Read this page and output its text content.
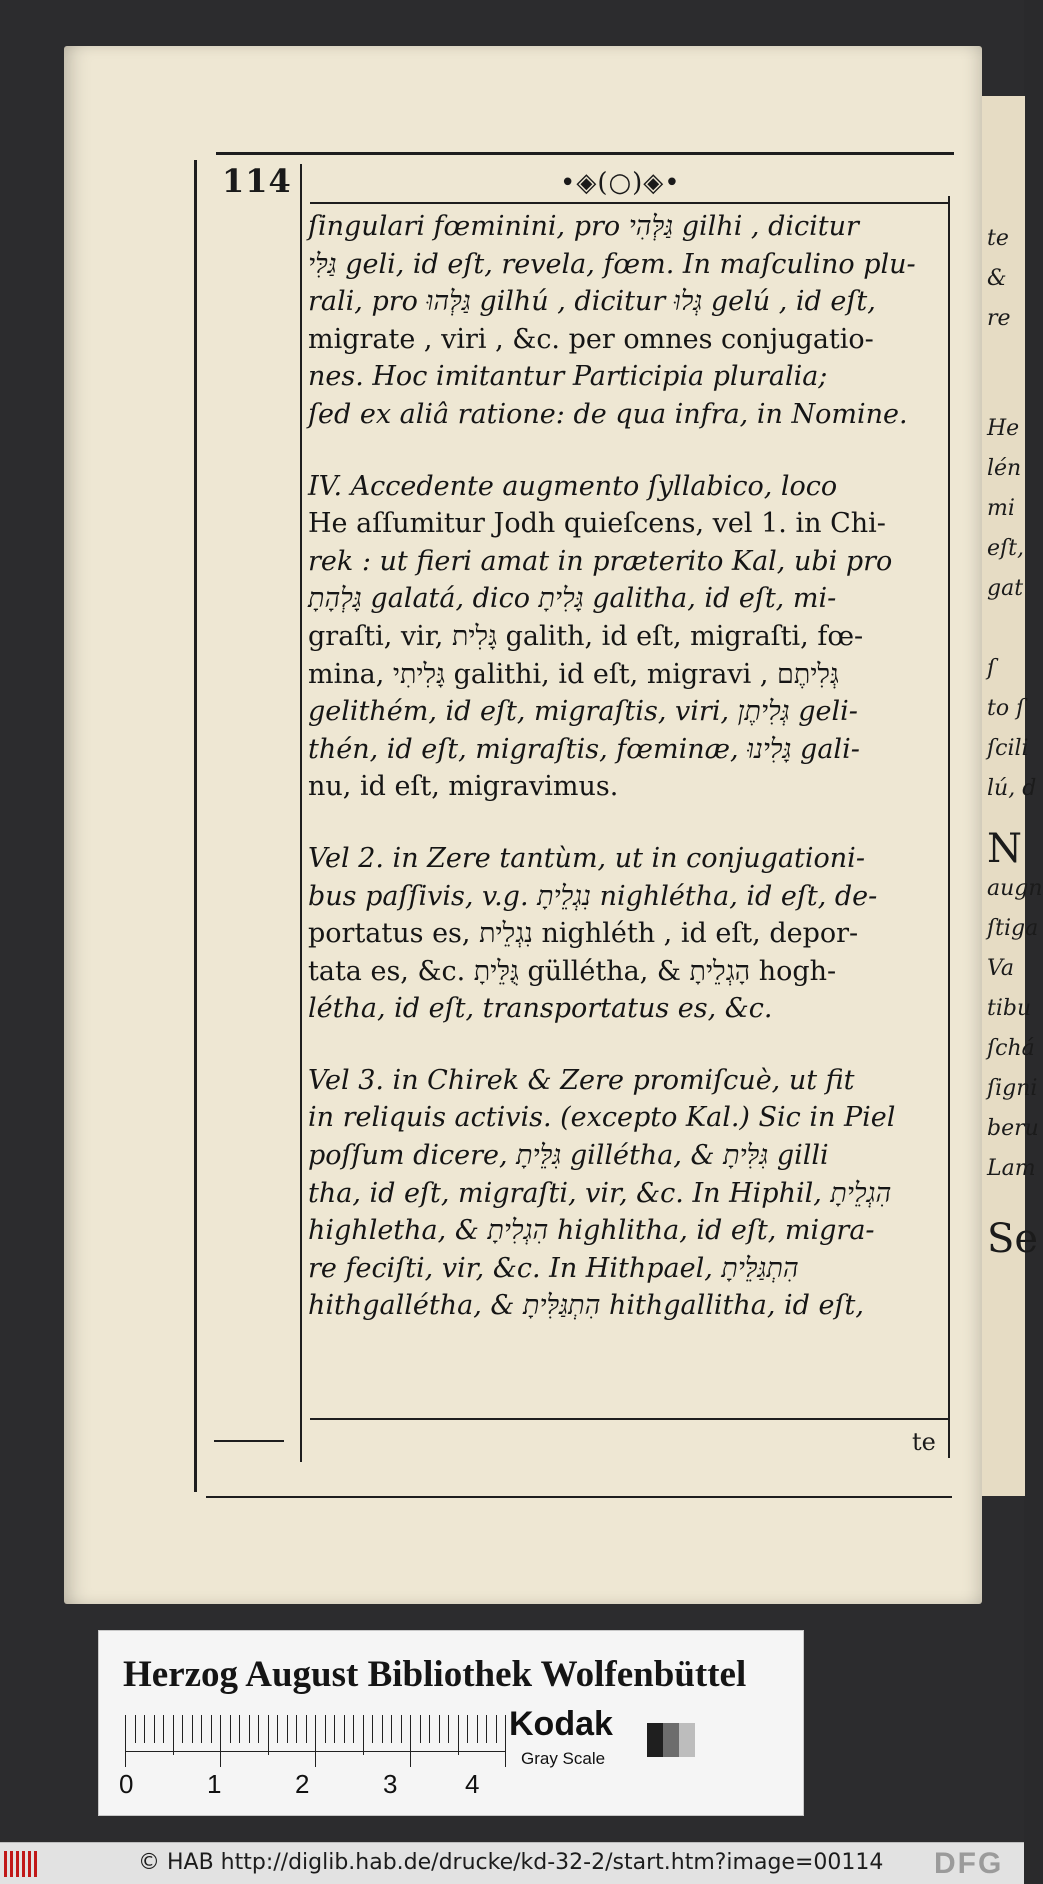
te
&
re
He
lén
mi
eſt,
gat
ſ
to ſ
ſcili
lú, d
N
augn
ſtiga
Va
tibu
ſchá
ſigni
beru
Lam
Se
114	•◈(○)◈•
ſingulari fœminini, pro גַּלְּהִי gilhi , dicitur
גַּלִּי geli, id eſt, revela, fœm. In maſculino plu-
rali, pro גַּלְּהוּ gilhú , dicitur גְּלוּ gelú , id eſt,
migrate , viri , &c. per omnes conjugatio-
nes. Hoc imitantur Participia pluralia;
ſed ex aliâ ratione: de qua infra, in Nomine.
IV. Accedente augmento ſyllabico, loco
He aſſumitur Jodh quieſcens, vel 1. in Chi-
rek : ut fieri amat in præterito Kal, ubi pro
גָּלְהָתָ galatá, dico גָּלִיתָ galitha, id eſt, mi-
graſti, vir, גָּלִית galith, id eſt, migraſti, fœ-
mina, גָּלִיתִי galithi, id eſt, migravi , גְּלִיתֶם
gelithém, id eſt, migraſtis, viri, גְּלִיתֶן geli-
thén, id eſt, migraſtis, fœminæ, גָּלִינוּ gali-
nu, id eſt, migravimus.
Vel 2. in Zere tantùm, ut in conjugationi-
bus paſſivis, v.g. נִגְלֵיתָ nighlétha, id eſt, de-
portatus es, נִגְלֵית nighléth , id eſt, depor-
tata es, &c. גֻּלֵּיתָ güllétha, & הָגְלֵיתָ hogh-
létha, id eſt, transportatus es, &c.
Vel 3. in Chirek & Zere promiſcuè, ut fit
in reliquis activis. (excepto Kal.) Sic in Piel
poſſum dicere, גִּלֵּיתָ gillétha, & גִּלִּיתָ gilli
tha, id eſt, migraſti, vir, &c. In Hiphil, הִגְלֵיתָ
highletha, & הִגְלִיתָ highlitha, id eſt, migra-
re feciſti, vir, &c. In Hithpael, הִתְגַּלֵּיתָ
hithgallétha, & הִתְגַּלִּיתָ hithgallitha, id eſt,
te
Herzog August Bibliothek Wolfenbüttel
0	1	2	3	4
Kodak
Gray Scale
© HAB http://diglib.hab.de/drucke/kd-32-2/start.htm?image=00114 DFG
